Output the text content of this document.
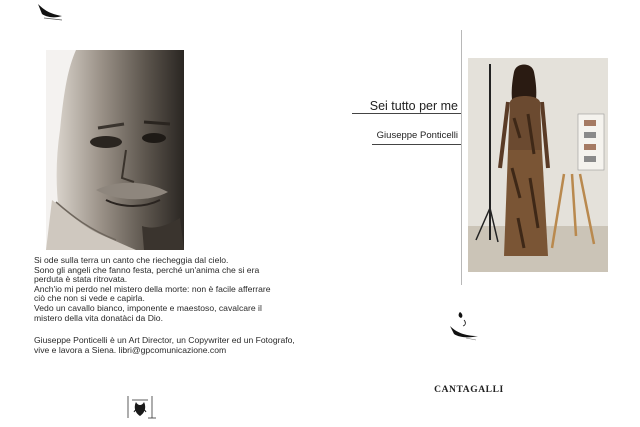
Si ode sulla terra un canto che riecheggia dal cielo.

Sono gli angeli che fanno festa, perché un'anima che si era

perduta è stata ritrovata.

Anch'io mi perdo nel mistero della morte: non è facile afferrare

ciò che non si vede e capirla.

Vedo un cavallo bianco, imponente e maestoso, cavalcare il

mistero della vita donatàci da Dio.

Giuseppe Ponticelli è un Art Director, un Copywriter ed un Fotografo,

vive e lavora a Siena. libri@gpcomunicazione.com

Sei tutto per me
Giuseppe Ponticelli
CANTAGALLI
